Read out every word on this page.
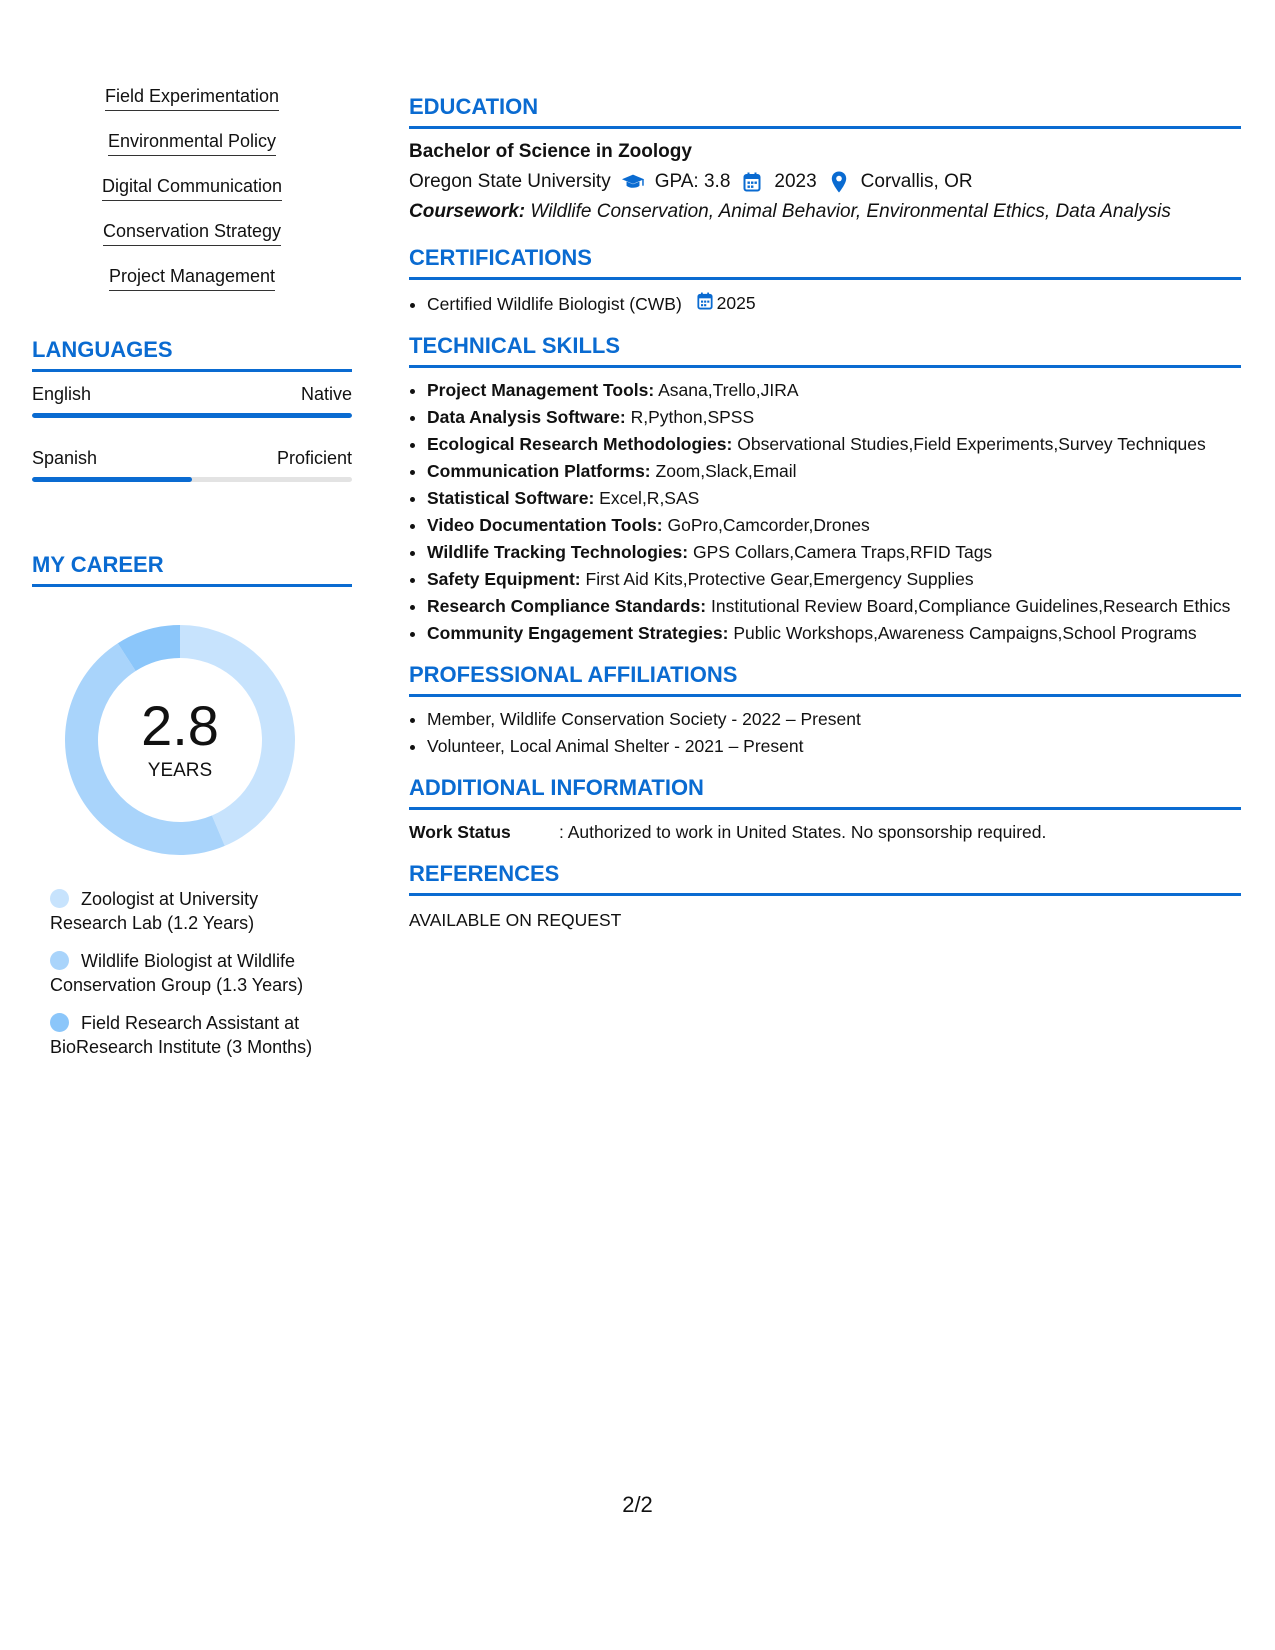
Field Experimentation
Environmental Policy
Digital Communication
Conservation Strategy
Project Management
LANGUAGES
English	Native
Spanish	Proficient
MY CAREER
2.8
YEARS
Zoologist at University Research Lab (1.2 Years)
Wildlife Biologist at Wildlife Conservation Group (1.3 Years)
Field Research Assistant at BioResearch Institute (3 Months)
EDUCATION
Bachelor of Science in Zoology
Oregon State University GPA: 3.8 2023 Corvallis, OR
Coursework: Wildlife Conservation, Animal Behavior, Environmental Ethics, Data Analysis
CERTIFICATIONS
• Certified Wildlife Biologist (CWB) 2025
TECHNICAL SKILLS
• Project Management Tools: Asana,Trello,JIRA
• Data Analysis Software: R,Python,SPSS
• Ecological Research Methodologies: Observational Studies,Field Experiments,Survey Techniques
• Communication Platforms: Zoom,Slack,Email
• Statistical Software: Excel,R,SAS
• Video Documentation Tools: GoPro,Camcorder,Drones
• Wildlife Tracking Technologies: GPS Collars,Camera Traps,RFID Tags
• Safety Equipment: First Aid Kits,Protective Gear,Emergency Supplies
• Research Compliance Standards: Institutional Review Board,Compliance Guidelines,Research Ethics
• Community Engagement Strategies: Public Workshops,Awareness Campaigns,School Programs
PROFESSIONAL AFFILIATIONS
• Member, Wildlife Conservation Society - 2022 – Present
• Volunteer, Local Animal Shelter - 2021 – Present
ADDITIONAL INFORMATION
Work Status	: Authorized to work in United States. No sponsorship required.
REFERENCES
AVAILABLE ON REQUEST
2/2
